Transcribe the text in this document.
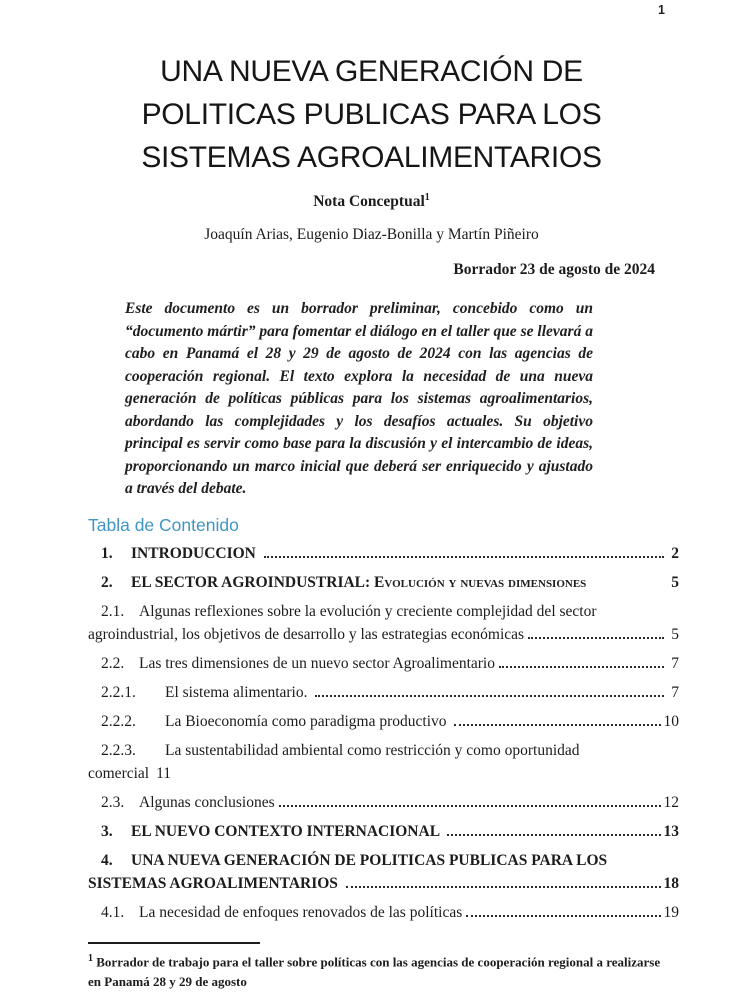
1
UNA NUEVA GENERACIÓN DE
POLITICAS PUBLICAS PARA LOS
SISTEMAS AGROALIMENTARIOS
Nota Conceptual$^1$
Joaquín Arias, Eugenio Diaz-Bonilla y Martín Piñeiro
Borrador 23 de agosto de 2024
Este documento es un borrador preliminar, concebido como un “documento mártir” para fomentar el diálogo en el taller que se llevará a cabo en Panamá el 28 y 29 de agosto de 2024 con las agencias de cooperación regional. El texto explora la necesidad de una nueva generación de políticas públicas para los sistemas agroalimentarios, abordando las complejidades y los desafíos actuales. Su objetivo principal es servir como base para la discusión y el intercambio de ideas, proporcionando un marco inicial que deberá ser enriquecido y ajustado a través del debate.
Tabla de Contenido
1.	INTRODUCCION	2
2.	EL SECTOR AGROINDUSTRIAL: Evolución y nuevas dimensiones	5
2.1. Algunas reflexiones sobre la evolución y creciente complejidad del sector
agroindustrial, los objetivos de desarrollo y las estrategias económicas	5
2.2. Las tres dimensiones de un nuevo sector Agroalimentario	7
2.2.1.	El sistema alimentario.	7
2.2.2.	La Bioeconomía como paradigma productivo	10
2.2.3.	La sustentabilidad ambiental como restricción y como oportunidad
comercial 11
2.3. Algunas conclusiones	12
3.	EL NUEVO CONTEXTO INTERNACIONAL	13
4.	UNA NUEVA GENERACIÓN DE POLITICAS PUBLICAS PARA LOS
SISTEMAS AGROALIMENTARIOS	18
4.1. La necesidad de enfoques renovados de las políticas	19
$^1$ Borrador de trabajo para el taller sobre políticas con las agencias de cooperación regional a realizarse en Panamá 28 y 29 de agosto
